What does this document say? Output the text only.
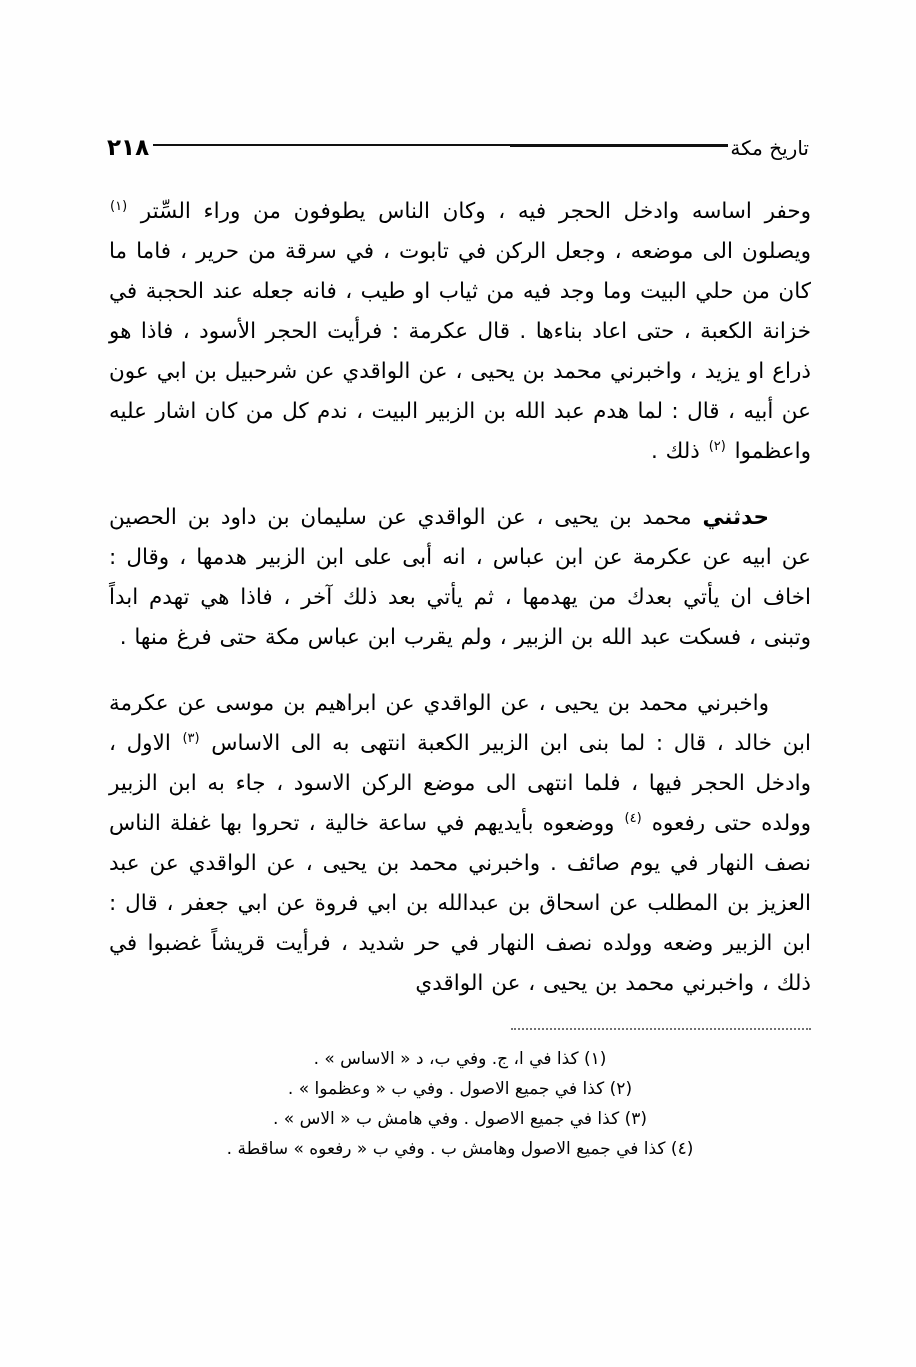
٢١٨	تاريخ مكة

وحفر اساسه وادخل الحجر فيه ، وكان الناس يطوفون من وراء السِّتر $^{(١)}$ ويصلون الى موضعه ، وجعل الركن في تابوت ، في سرقة من حرير ، فاما ما كان من حلي البيت وما وجد فيه من ثياب او طيب ، فانه جعله عند الحجبة في خزانة الكعبة ، حتى اعاد بناءها . قال عكرمة : فرأيت الحجر الأسود ، فاذا هو ذراع او يزيد ، واخبرني محمد بن يحيى ، عن الواقدي عن شرحبيل بن ابي عون عن أبيه ، قال : لما هدم عبد الله بن الزبير البيت ، ندم كل من كان اشار عليه واعظموا $^{(٢)}$ ذلك .

حدثني محمد بن يحيى ، عن الواقدي عن سليمان بن داود بن الحصين عن ابيه عن عكرمة عن ابن عباس ، انه أبى على ابن الزبير هدمها ، وقال : اخاف ان يأتي بعدك من يهدمها ، ثم يأتي بعد ذلك آخر ، فاذا هي تهدم ابداً وتبنى ، فسكت عبد الله بن الزبير ، ولم يقرب ابن عباس مكة حتى فرغ منها .

واخبرني محمد بن يحيى ، عن الواقدي عن ابراهيم بن موسى عن عكرمة ابن خالد ، قال : لما بنى ابن الزبير الكعبة انتهى به الى الاساس $^{(٣)}$ الاول ، وادخل الحجر فيها ، فلما انتهى الى موضع الركن الاسود ، جاء به ابن الزبير وولده حتى رفعوه $^{(٤)}$ ووضعوه بأيديهم في ساعة خالية ، تحروا بها غفلة الناس نصف النهار في يوم صائف . واخبرني محمد بن يحيى ، عن الواقدي عن عبد العزيز بن المطلب عن اسحاق بن عبدالله بن ابي فروة عن ابي جعفر ، قال : ابن الزبير وضعه وولده نصف النهار في حر شديد ، فرأيت قريشاً غضبوا في ذلك ، واخبرني محمد بن يحيى ، عن الواقدي

(١) كذا في ا، ج. وفي ب، د « الاساس » .
(٢) كذا في جميع الاصول . وفي ب « وعظموا » .
(٣) كذا في جميع الاصول . وفي هامش ب « الاس » .
(٤) كذا في جميع الاصول وهامش ب . وفي ب « رفعوه » ساقطة .
